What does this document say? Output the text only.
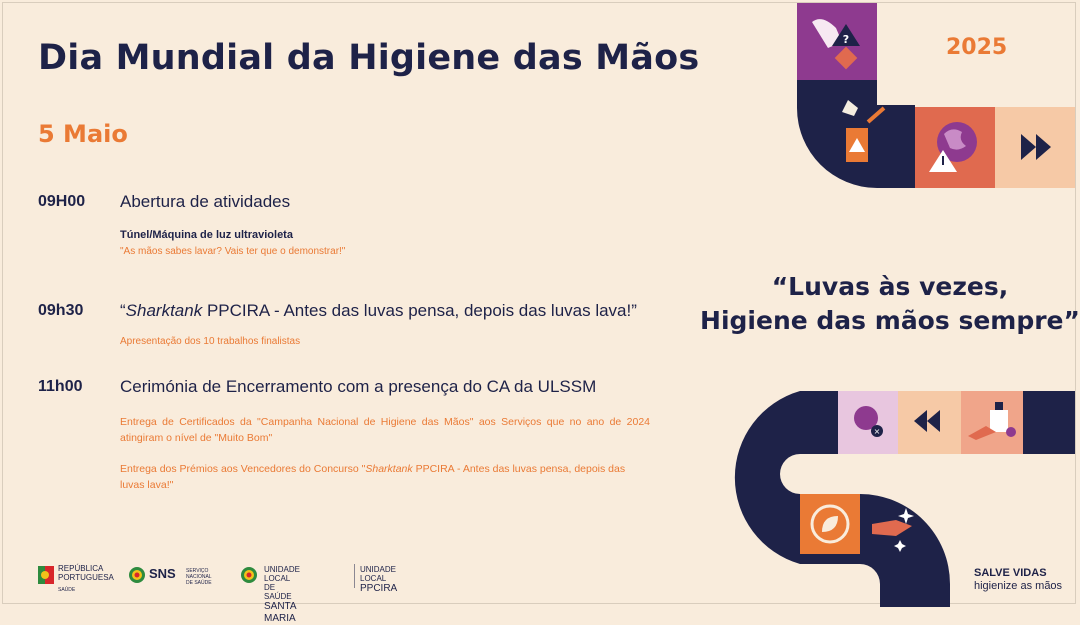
Dia Mundial da Higiene das Mãos
5 Maio
09H00 Abertura de atividades
Túnel/Máquina de luz ultravioleta
"As mãos sabes lavar? Vais ter que o demonstrar!"
09h30 “Sharktank PPCIRA - Antes das luvas pensa, depois das luvas lava!”
Apresentação dos 10 trabalhos finalistas
11h00 Cerimónia de Encerramento com a presença do CA da ULSSM
Entrega de Certificados da "Campanha Nacional de Higiene das Mãos" aos Serviços que no ano de 2024 atingiram o nível de "Muito Bom"
Entrega dos Prémios aos Vencedores do Concurso "Sharktank PPCIRA - Antes das luvas pensa, depois das luvas lava!"
“Luvas às vezes,
Higiene das mãos sempre”
2025
?
×
SALVE VIDAS
higienize as mãos
REPÚBLICA
PORTUGUESA
SAÚDE
SNS SERVIÇO NACIONAL
DE SAÚDE
UNIDADE LOCAL DE SAÚDE
SANTA MARIA
UNIDADE LOCAL
PPCIRA
